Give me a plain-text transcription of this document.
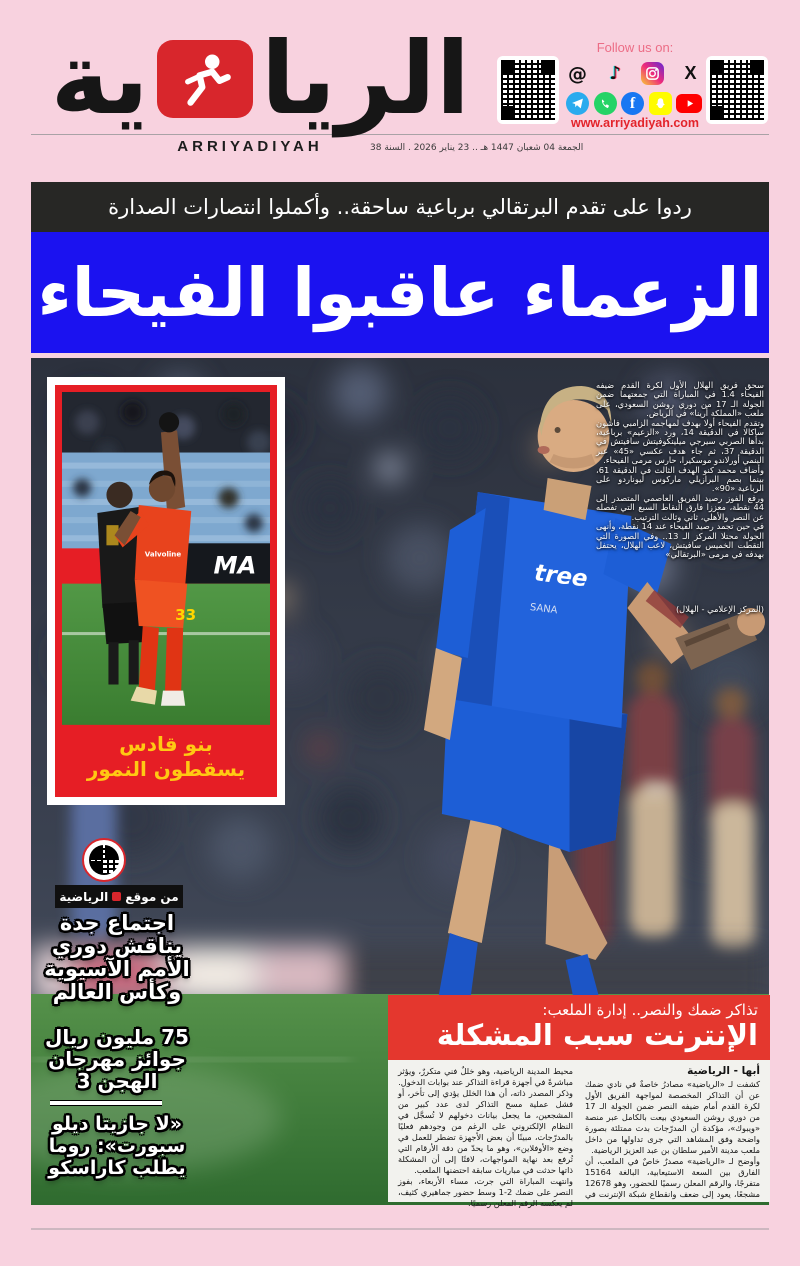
الريا
ية
ARRIYADIYAH
Follow us on:
@	♪	X
f
www.arriyadiyah.com
الجمعة 04 شعبان 1447 هـ .. 23 يناير 2026 . السنة 38
ردوا على تقدم البرتقالي برباعية ساحقة.. وأكملوا انتصارات الصدارة
الزعماء عاقبوا الفيحاء
34
tree
SANA
MA
Valvoline
33
بنو قادس
يسقطون النمور

سحق فريق الهلال الأول لكرة القدم ضيفه الفيحاء 1.4 في المباراة التي جمعتهما ضمن الجولة الـ 17 من دوري روشن السعودي، على ملعب «المملكة أرينا» في الرياض.

وتقدم الفيحاء أولا بهدف لمهاجمه الزامبي فاشون ساكالا في الدقيقة 14، ورد «الزعيم» برباعية، بدأها الصربي سيرجي ميلينكوفيتش سافيتش في الدقيقة 37، ثم جاء هدف عكسي «45» عبر البنمي أورلاندو موسكيرا، حارس مرمى الفيحاء.

وأضاف محمد كنو الهدف الثالث في الدقيقة 61، بينما بصم البرازيلي ماركوس ليوناردو على الرباعية «90».

ورفع الفوز رصيد الفريق العاصمي المتصدر إلى 44 نقطة، معززا فارق النقاط السبع التي تفصله عن النصر والأهلي، ثاني وثالث الترتيب.

في حين تجمد رصيد الفيحاء عند 14 نقطة، وأنهى الجولة محتلا المركز الـ 13.. وفي الصورة التي التقطت الخميس سافيتش، لاعب الهلال، يحتفل بهدفه في مرمى «البرتقالي»

(المركز الإعلامي - الهلال)
من موقع
الرياضية
اجتماع جدة
يناقش دوري
الأمم الآسيوية
وكأس العالم
75 مليون ريال
جوائز مهرجان
الهجن 3
«لا جازيتا ديلو
سبورت»: روما
يطلب كاراسكو
تذاكر ضمك والنصر.. إدارة الملعب:
الإنترنت سبب المشكلة

أبها - الرياضية

كشفت لـ «الرياضية» مصادرُ خاصةٌ في نادي ضمك عن أن التذاكر المخصصة لمواجهة الفريق الأول لكرة القدم أمام ضيفه النصر ضمن الجولة الـ 17 من دوري روشن السعودي بيعت بالكامل عبر منصة «ويبوك»، مؤكدة أن المدرّجات بدت ممتلئة بصورة واضحة وفق المشاهد التي جرى تداولها من داخل ملعب مدينة الأمير سلطان بن عبد العزيز الرياضية.

وأوضح لـ «الرياضية» مصدرٌ خاصٌ في الملعب، أن الفارق بين السعة الاستيعابية، البالغة 15164 متفرجًا، والرقم المعلن رسميًا للحضور، وهو 12678 مشجعًا، يعود إلى ضعف وانقطاع شبكة الإنترنت في محيط المدينة الرياضية، وهو خللٌ فني متكررٌ، ويؤثر مباشرةً في أجهزة قراءة التذاكر عند بوابات الدخول.

وذكر المصدر ذاته، أن هذا الخلل يؤدي إلى تأخر، أو فشل عملية مسح التذاكر لدى عدد كبير من المشجعين، ما يجعل بيانات دخولهم لا تُسجَّل في النظام الإلكتروني على الرغم من وجودهم فعليًا بالمدرّجات، مبينًا أن بعض الأجهزة تضطر للعمل في وضع «الأوفلاين»، وهو ما يحدّ من دقة الأرقام التي تُرفع بعد نهاية المواجهات، لافتًا إلى أن المشكلة ذاتها حدثت في مباريات سابقة احتضنها الملعب.

وانتهت المباراة التي جرت، مساء الأربعاء، بفوز النصر على ضمك 2-1 وسط حضور جماهيري كثيف، لم يعكسه الرقم المعلن رسميًا.
